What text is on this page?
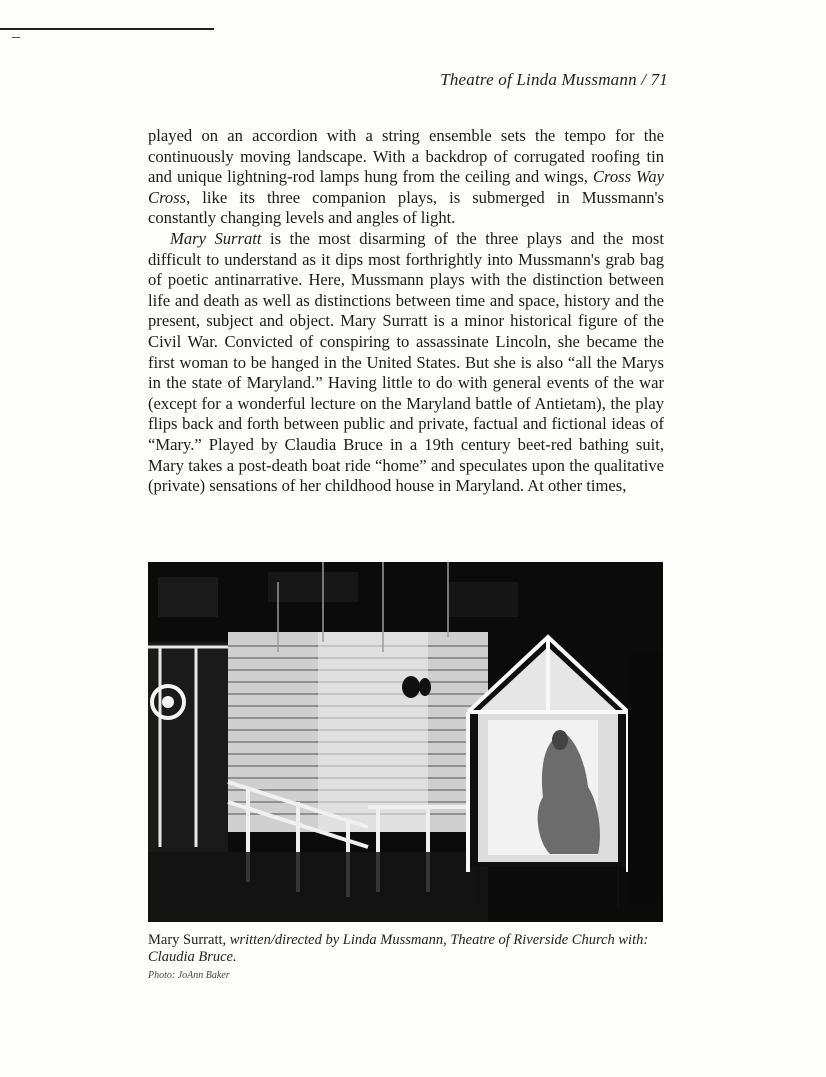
Theatre of Linda Mussmann / 71

played on an accordion with a string ensemble sets the tempo for the continuously moving landscape. With a backdrop of corrugated roofing tin and unique lightning-rod lamps hung from the ceiling and wings, Cross Way Cross, like its three companion plays, is submerged in Mussmann's constantly changing levels and angles of light.

Mary Surratt is the most disarming of the three plays and the most difficult to understand as it dips most forthrightly into Mussmann's grab bag of poetic antinarrative. Here, Mussmann plays with the distinction between life and death as well as distinctions between time and space, history and the present, subject and object. Mary Surratt is a minor historical figure of the Civil War. Convicted of conspiring to assassinate Lincoln, she became the first woman to be hanged in the United States. But she is also “all the Marys in the state of Maryland.” Having little to do with general events of the war (except for a wonderful lecture on the Maryland battle of Antietam), the play flips back and forth between public and private, factual and fictional ideas of “Mary.” Played by Claudia Bruce in a 19th century beet-red bathing suit, Mary takes a post-death boat ride “home” and speculates upon the qualitative (private) sensations of her childhood house in Maryland. At other times,

Mary Surratt, written/directed by Linda Mussmann, Theatre of Riverside Church with: Claudia Bruce.
Photo: JoAnn Baker
